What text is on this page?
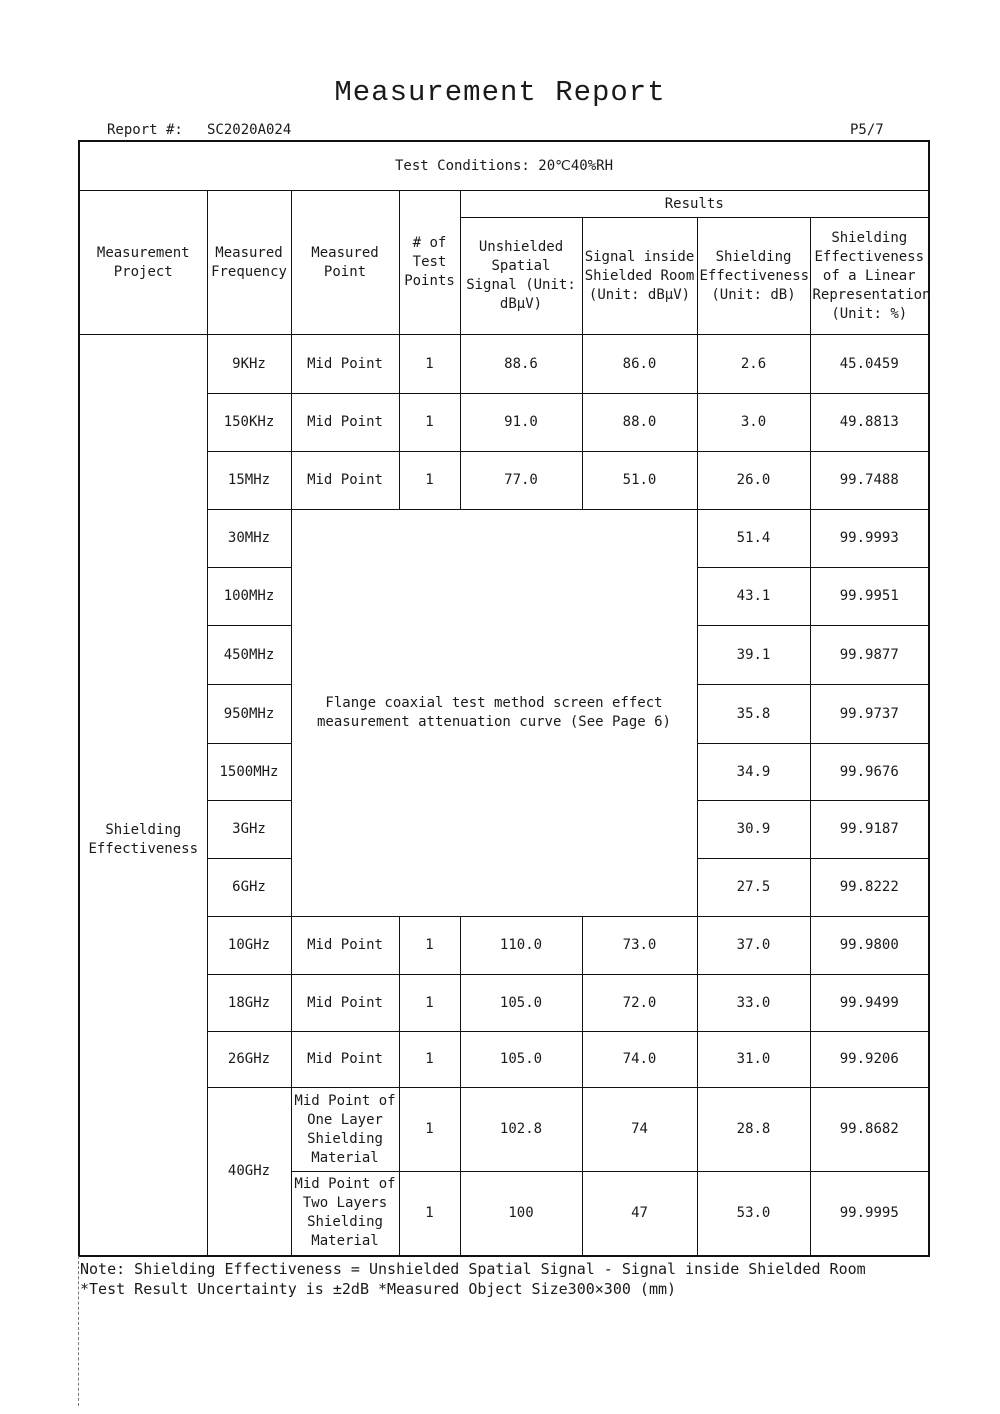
Measurement Report
Report #: SC2020A024	P5/7
Test Conditions: 20℃40%RH							
Measurement Project	Measured Frequency	Measured Point	# of Test Points	Results			
				Unshielded Spatial Signal (Unit: dBμV)	Signal inside Shielded Room (Unit: dBμV)	Shielding Effectiveness (Unit: dB)	Shielding Effectiveness of a Linear Representation (Unit: %)
Shielding Effectiveness	9KHz	Mid Point	1	88.6	86.0	2.6	45.0459
	150KHz	Mid Point	1	91.0	88.0	3.0	49.8813
	15MHz	Mid Point	1	77.0	51.0	26.0	99.7488
	30MHz	Flange coaxial test method screen effect measurement attenuation curve (See Page 6)				51.4	99.9993
	100MHz					43.1	99.9951
	450MHz					39.1	99.9877
	950MHz					35.8	99.9737
	1500MHz					34.9	99.9676
	3GHz					30.9	99.9187
	6GHz					27.5	99.8222
	10GHz	Mid Point	1	110.0	73.0	37.0	99.9800
	18GHz	Mid Point	1	105.0	72.0	33.0	99.9499
	26GHz	Mid Point	1	105.0	74.0	31.0	99.9206
	40GHz	Mid Point of One Layer Shielding Material	1	102.8	74	28.8	99.8682
		Mid Point of Two Layers Shielding Material	1	100	47	53.0	99.9995
Note: Shielding Effectiveness = Unshielded Spatial Signal - Signal inside Shielded Room
*Test Result Uncertainty is ±2dB *Measured Object Size300×300 (mm)
